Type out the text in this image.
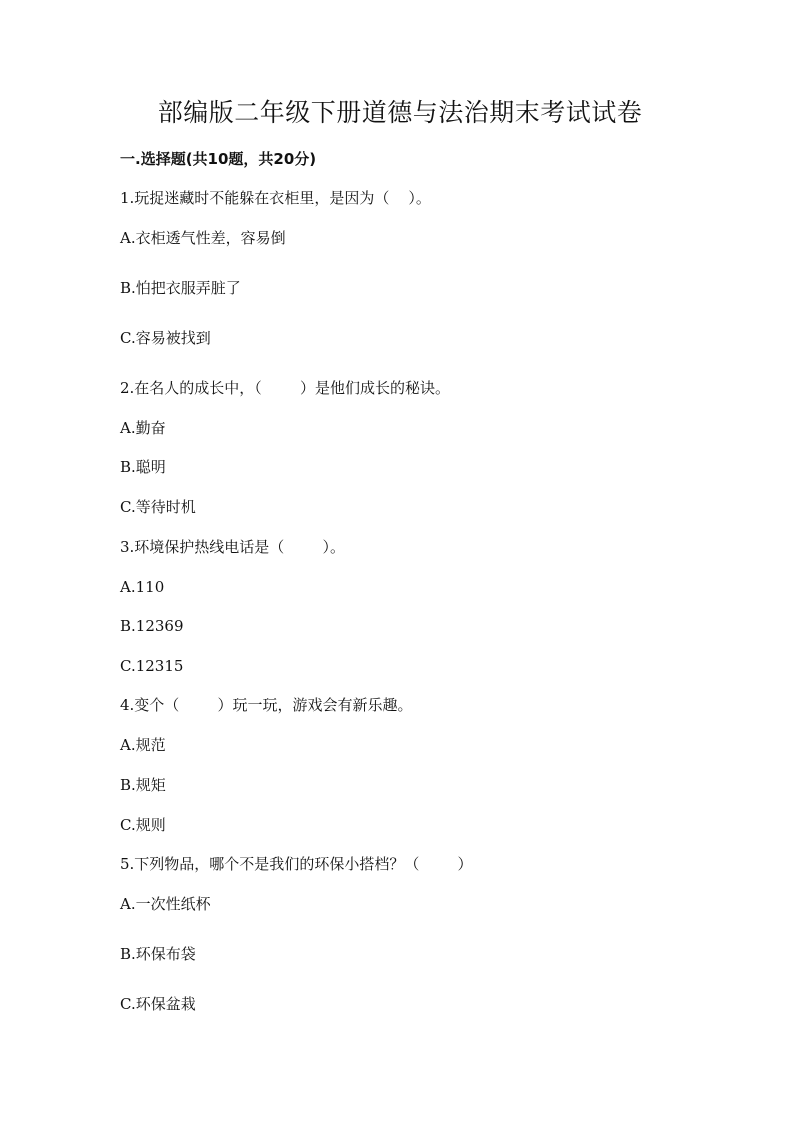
部编版二年级下册道德与法治期末考试试卷
一.选择题(共10题，共20分)
1.玩捉迷藏时不能躲在衣柜里，是因为（    ）。
A.衣柜透气性差，容易倒
B.怕把衣服弄脏了
C.容易被找到
2.在名人的成长中，（        ）是他们成长的秘诀。
A.勤奋
B.聪明
C.等待时机
3.环境保护热线电话是（        ）。
A.110
B.12369
C.12315
4.变个（        ）玩一玩，游戏会有新乐趣。
A.规范
B.规矩
C.规则
5.下列物品，哪个不是我们的环保小搭档？（        ）
A.一次性纸杯
B.环保布袋
C.环保盆栽
